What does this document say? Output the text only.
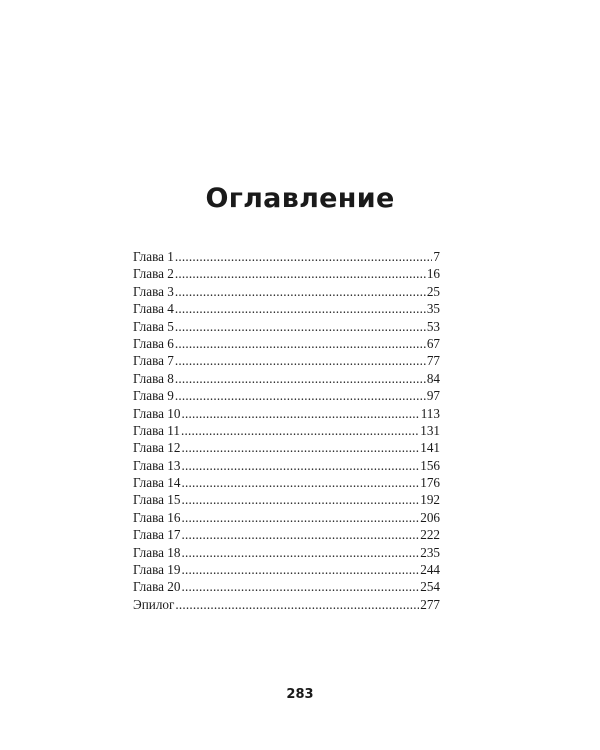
Оглавление
Глава 1 .....	7
Глава 2 .....	16
Глава 3 .....	25
Глава 4 .....	35
Глава 5 .....	53
Глава 6 .....	67
Глава 7 .....	77
Глава 8 .....	84
Глава 9 .....	97
Глава 10 .....	113
Глава 11 .....	131
Глава 12 .....	141
Глава 13 .....	156
Глава 14 .....	176
Глава 15 .....	192
Глава 16 .....	206
Глава 17 .....	222
Глава 18 .....	235
Глава 19 .....	244
Глава 20 .....	254
Эпилог .....	277
283
